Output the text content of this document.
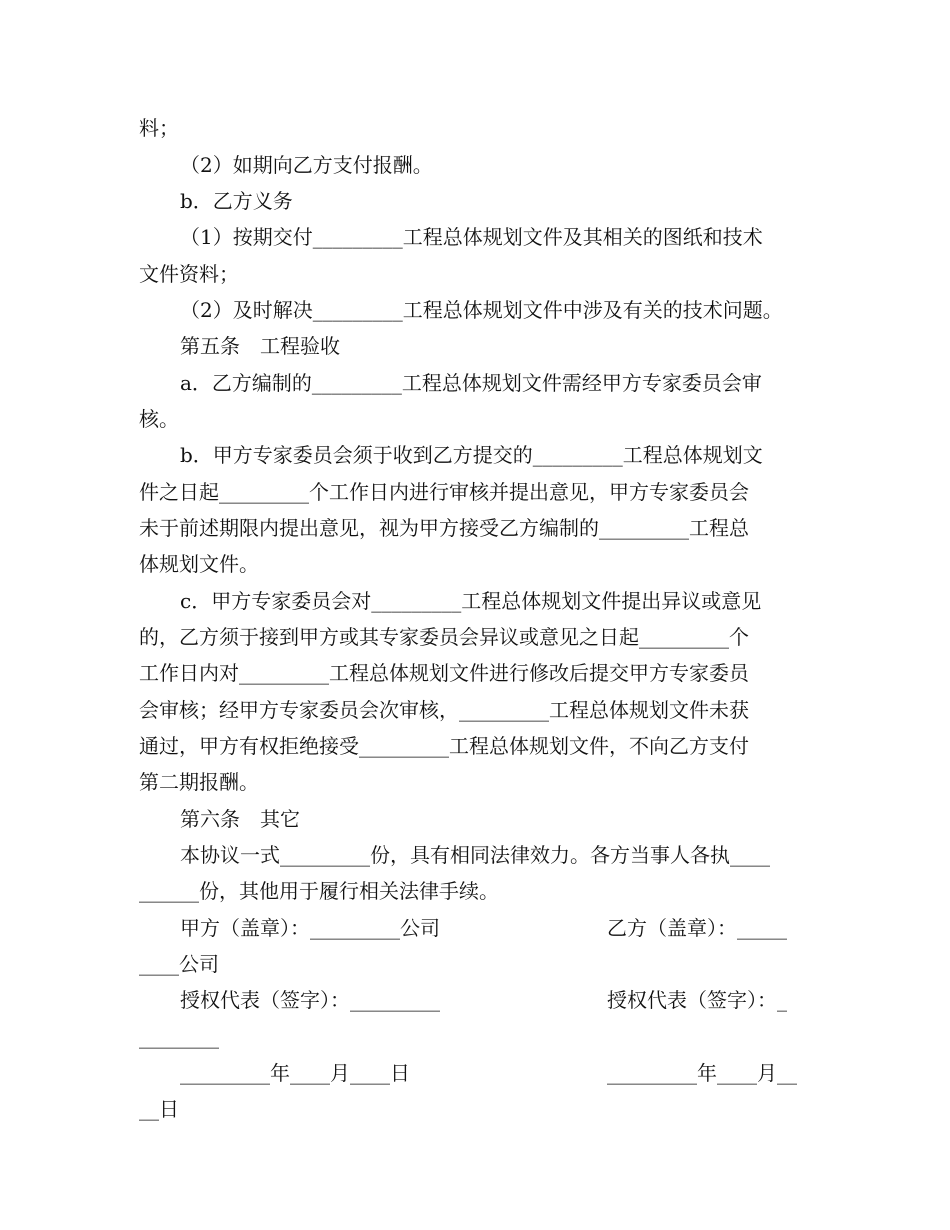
料；

（2）如期向乙方支付报酬。

b．乙方义务

（1）按期交付_________工程总体规划文件及其相关的图纸和技术

文件资料；

（2）及时解决_________工程总体规划文件中涉及有关的技术问题。

第五条　工程验收

a．乙方编制的_________工程总体规划文件需经甲方专家委员会审

核。

b．甲方专家委员会须于收到乙方提交的_________工程总体规划文

件之日起_________个工作日内进行审核并提出意见，甲方专家委员会

未于前述期限内提出意见，视为甲方接受乙方编制的_________工程总

体规划文件。

c．甲方专家委员会对_________工程总体规划文件提出异议或意见

的，乙方须于接到甲方或其专家委员会异议或意见之日起_________个

工作日内对_________工程总体规划文件进行修改后提交甲方专家委员

会审核；经甲方专家委员会次审核，_________工程总体规划文件未获

通过，甲方有权拒绝接受_________工程总体规划文件，不向乙方支付

第二期报酬。

第六条　其它

本协议一式_________份，具有相同法律效力。各方当事人各执____

______份，其他用于履行相关法律手续。

甲方（盖章）：_________公司	乙方（盖章）：_____

____公司

授权代表（签字）：_________	授权代表（签字）：_

________

_________年____月____日	_________年____月__

__日
